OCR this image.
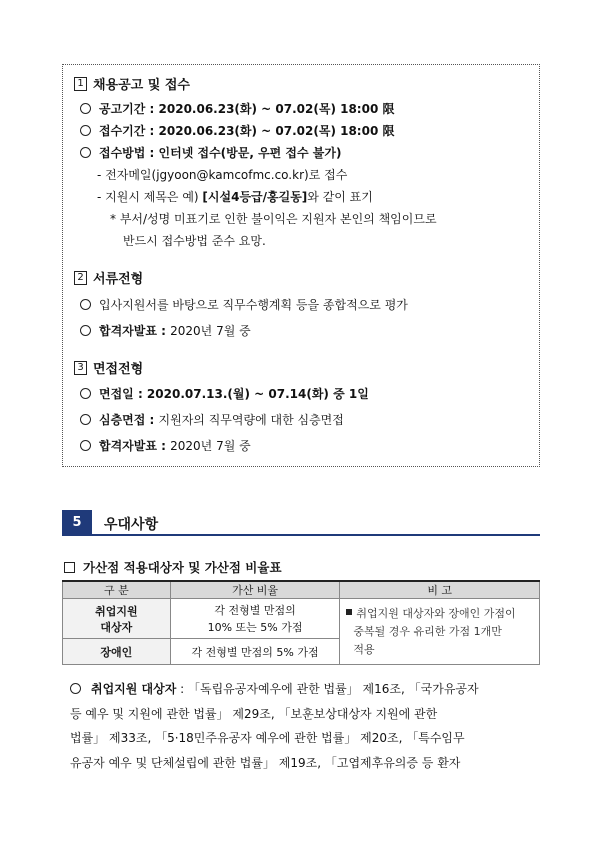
1 채용공고 및 접수
공고기간 : 2020.06.23(화) ~ 07.02(목) 18:00 限
접수기간 : 2020.06.23(화) ~ 07.02(목) 18:00 限
접수방법 : 인터넷 접수(방문, 우편 접수 불가)
- 전자메일(jgyoon@kamcofmc.co.kr)로 접수
- 지원시 제목은 예) [시설4등급/홍길동]와 같이 표기
* 부서/성명 미표기로 인한 불이익은 지원자 본인의 책임이므로
반드시 접수방법 준수 요망.
2 서류전형
입사지원서를 바탕으로 직무수행계획 등을 종합적으로 평가
합격자발표 : 2020년 7월 중
3 면접전형
면접일 : 2020.07.13.(월) ~ 07.14(화) 중 1일
심층면접 : 지원자의 직무역량에 대한 심층면접
합격자발표 : 2020년 7월 중
5	우대사항
가산점 적용대상자 및 가산점 비율표
구 분	가산 비율	비 고
취업지원
대상자	각 전형별 만점의
10% 또는 5% 가점	취업지원 대상자와 장애인 가점이
중복될 경우 유리한 가점 1개만
적용
장애인	각 전형별 만점의 5% 가점	
취업지원 대상자 : 「독립유공자예우에 관한 법률」 제16조, 「국가유공자
등 예우 및 지원에 관한 법률」 제29조, 「보훈보상대상자 지원에 관한
법률」 제33조, 「5·18민주유공자 예우에 관한 법률」 제20조, 「특수임무
유공자 예우 및 단체설립에 관한 법률」 제19조, 「고엽제후유의증 등 환자
